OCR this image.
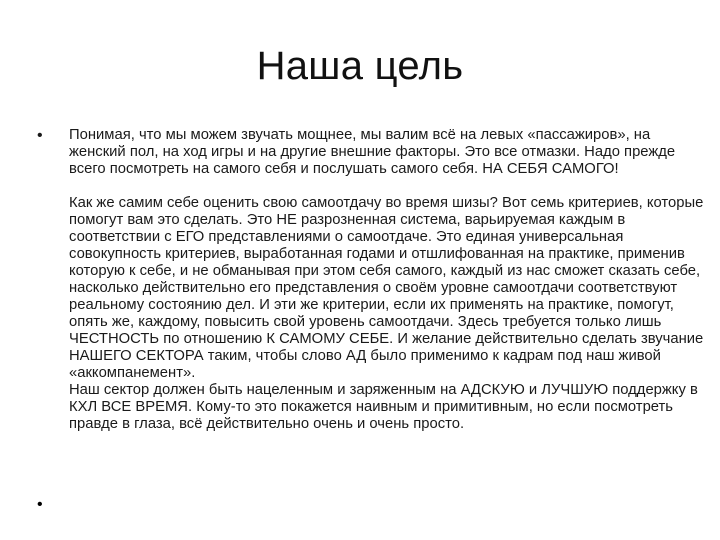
Наша цель
•	Понимая, что мы можем звучать мощнее, мы валим всё на левых «пассажиров», на женский пол, на ход игры и на другие внешние факторы. Это все отмазки. Надо прежде всего посмотреть на самого себя и послушать самого себя. НА СЕБЯ САМОГО!
Как же самим себе оценить свою самоотдачу во время шизы? Вот семь критериев, которые помогут вам это сделать. Это НЕ разрозненная система, варьируемая каждым в соответствии с ЕГО представлениями о самоотдаче. Это единая универсальная совокупность критериев, выработанная годами и отшлифованная на практике, применив которую к себе, и не обманывая при этом себя самого, каждый из нас сможет сказать себе, насколько действительно его представления о своём уровне самоотдачи соответствуют реальному состоянию дел. И эти же критерии, если их применять на практике, помогут, опять же, каждому, повысить свой уровень самоотдачи. Здесь требуется только лишь ЧЕСТНОСТЬ по отношению К САМОМУ СЕБЕ. И желание действительно сделать звучание НАШЕГО СЕКТОРА таким, чтобы слово АД было применимо к кадрам под наш живой «аккомпанемент».
Наш сектор должен быть нацеленным и заряженным на АДСКУЮ и ЛУЧШУЮ поддержку в КХЛ ВСЕ ВРЕМЯ. Кому-то это покажется наивным и примитивным, но если посмотреть правде в глаза, всё действительно очень и очень просто.
•
